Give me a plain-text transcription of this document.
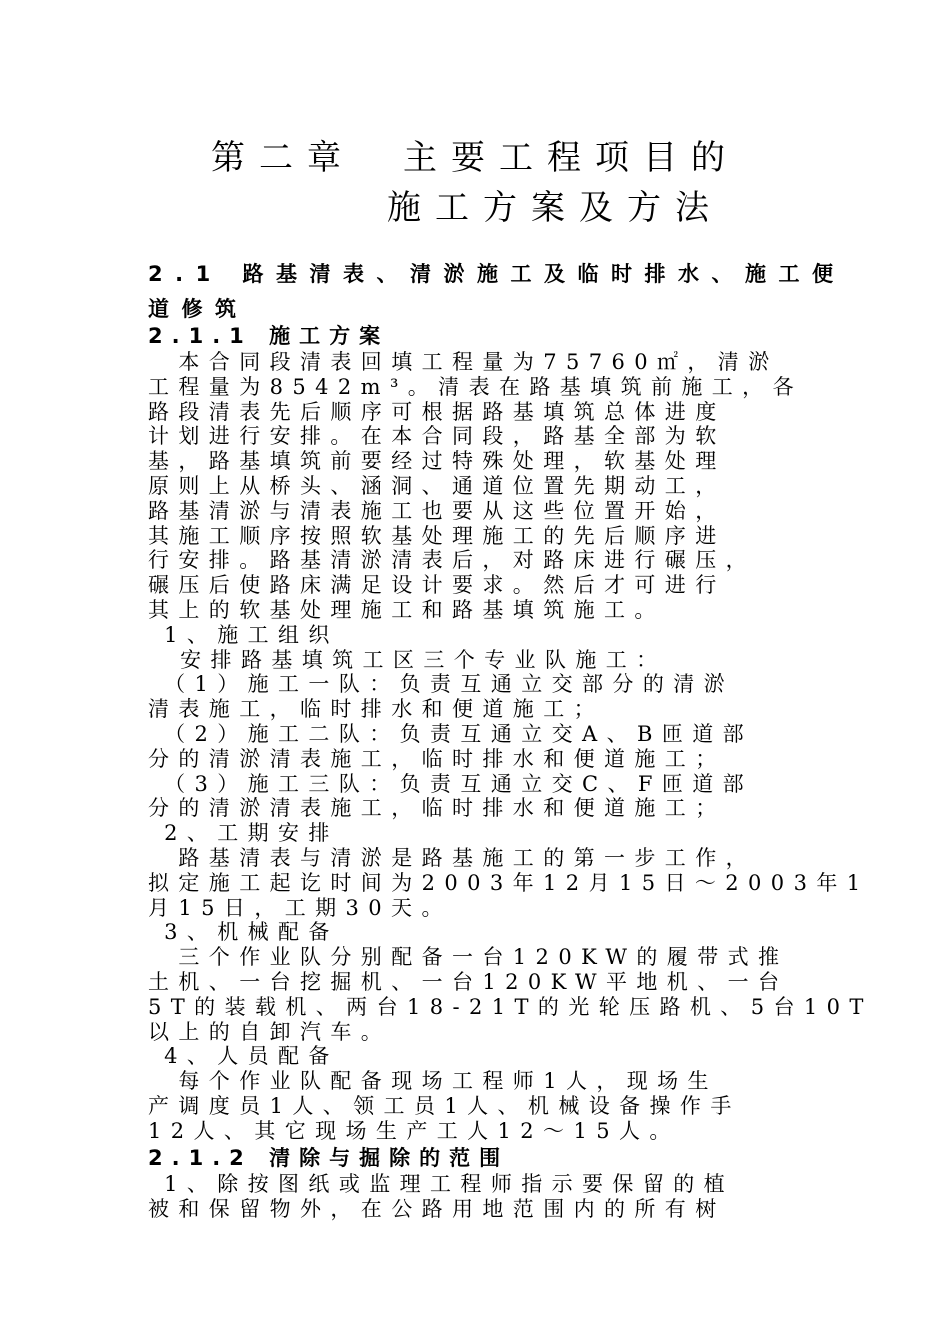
第二章　主要工程项目的
施工方案及方法
2.1 路基清表、清淤施工及临时排水、施工便
道修筑
2.1.1 施工方案
　本合同段清表回填工程量为75760㎡，清淤
工程量为8542m³。清表在路基填筑前施工，各
路段清表先后顺序可根据路基填筑总体进度
计划进行安排。在本合同段，路基全部为软
基，路基填筑前要经过特殊处理，软基处理
原则上从桥头、涵洞、通道位置先期动工，
路基清淤与清表施工也要从这些位置开始，
其施工顺序按照软基处理施工的先后顺序进
行安排。路基清淤清表后，对路床进行碾压，
碾压后使路床满足设计要求。然后才可进行
其上的软基处理施工和路基填筑施工。
1、施工组织
安排路基填筑工区三个专业队施工：
（1）施工一队：负责互通立交部分的清淤
清表施工，临时排水和便道施工；
（2）施工二队：负责互通立交A、B匝道部
分的清淤清表施工，临时排水和便道施工；
（3）施工三队：负责互通立交C、F匝道部
分的清淤清表施工，临时排水和便道施工；
2、工期安排
　路基清表与清淤是路基施工的第一步工作，
拟定施工起讫时间为2003年12月15日～2003年1
月15日，工期30天。
3、机械配备
　三个作业队分别配备一台120KW的履带式推
土机、一台挖掘机、一台120KW平地机、一台
5T的装载机、两台18-21T的光轮压路机、5台10T
以上的自卸汽车。
4、人员配备
　每个作业队配备现场工程师1人，现场生
产调度员1人、领工员1人、机械设备操作手
12人、其它现场生产工人12～15人。
2.1.2 清除与掘除的范围
1、除按图纸或监理工程师指示要保留的植
被和保留物外，在公路用地范围内的所有树
